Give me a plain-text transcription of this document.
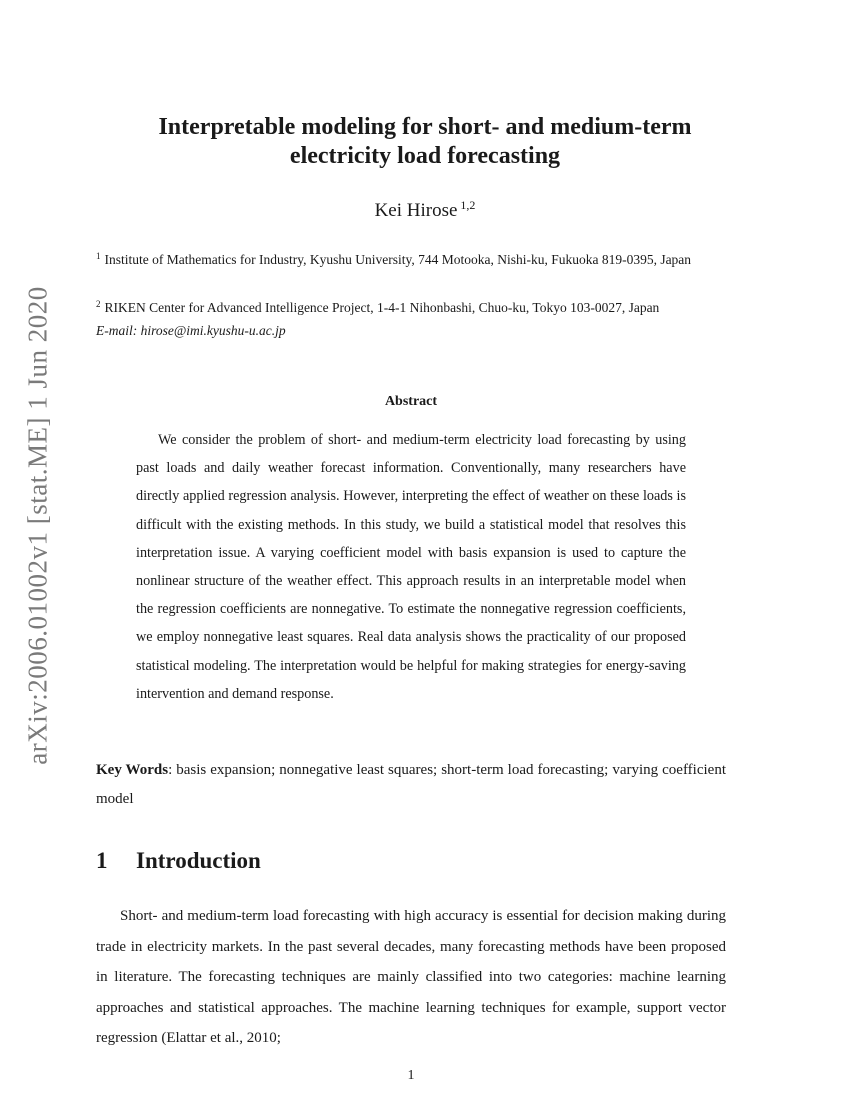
arXiv:2006.01002v1 [stat.ME] 1 Jun 2020
Interpretable modeling for short- and medium-term
electricity load forecasting
Kei Hirose $^{1,2}$
$^1$ Institute of Mathematics for Industry, Kyushu University, 744 Motooka, Nishi-ku, Fukuoka 819-0395, Japan
$^2$ RIKEN Center for Advanced Intelligence Project, 1-4-1 Nihonbashi, Chuo-ku, Tokyo 103-0027, Japan
E-mail: hirose@imi.kyushu-u.ac.jp
Abstract
We consider the problem of short- and medium-term electricity load forecasting by using past loads and daily weather forecast information. Conventionally, many researchers have directly applied regression analysis. However, interpreting the effect of weather on these loads is difficult with the existing methods. In this study, we build a statistical model that resolves this interpretation issue. A varying coefficient model with basis expansion is used to capture the nonlinear structure of the weather effect. This approach results in an interpretable model when the regression coefficients are nonnegative. To estimate the nonnegative regression coefficients, we employ nonnegative least squares. Real data analysis shows the practicality of our proposed statistical modeling. The interpretation would be helpful for making strategies for energy-saving intervention and demand response.
Key Words: basis expansion; nonnegative least squares; short-term load forecasting; varying coefficient model
1 Introduction
Short- and medium-term load forecasting with high accuracy is essential for decision making during trade in electricity markets. In the past several decades, many forecasting methods have been proposed in literature. The forecasting techniques are mainly classified into two categories: machine learning approaches and statistical approaches. The machine learning techniques for example, support vector regression (Elattar et al., 2010;
1
